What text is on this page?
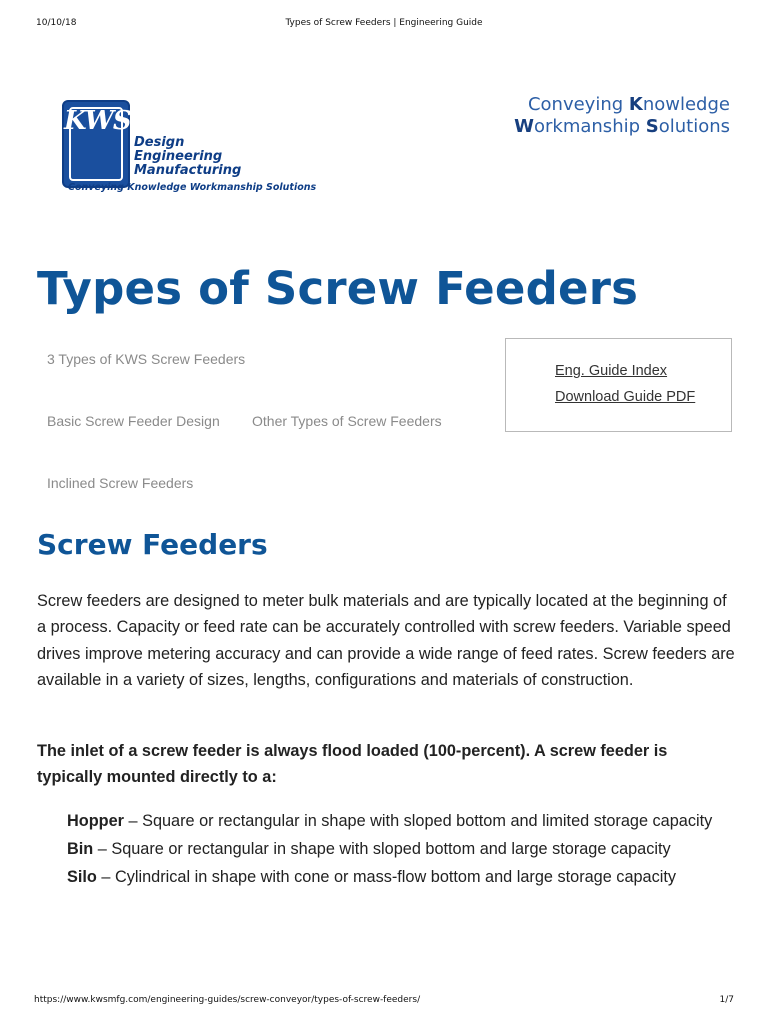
10/10/18	Types of Screw Feeders | Engineering Guide
KWS
Design
Engineering
Manufacturing
Conveying Knowledge Workmanship Solutions
Conveying Knowledge
Workmanship Solutions
Types of Screw Feeders
3 Types of KWS Screw Feeders
Basic Screw Feeder Design Other Types of Screw Feeders
Inclined Screw Feeders
Eng. Guide Index
Download Guide PDF
Screw Feeders

Screw feeders are designed to meter bulk materials and are typically located at the beginning of a process. Capacity or feed rate can be accurately controlled with screw feeders. Variable speed drives improve metering accuracy and can provide a wide range of feed rates. Screw feeders are available in a variety of sizes, lengths, configurations and materials of construction.

The inlet of a screw feeder is always flood loaded (100-percent). A screw feeder is typically mounted directly to a:

Hopper – Square or rectangular in shape with sloped bottom and limited storage capacity
Bin – Square or rectangular in shape with sloped bottom and large storage capacity
Silo – Cylindrical in shape with cone or mass-flow bottom and large storage capacity
https://www.kwsmfg.com/engineering-guides/screw-conveyor/types-of-screw-feeders/	1/7
